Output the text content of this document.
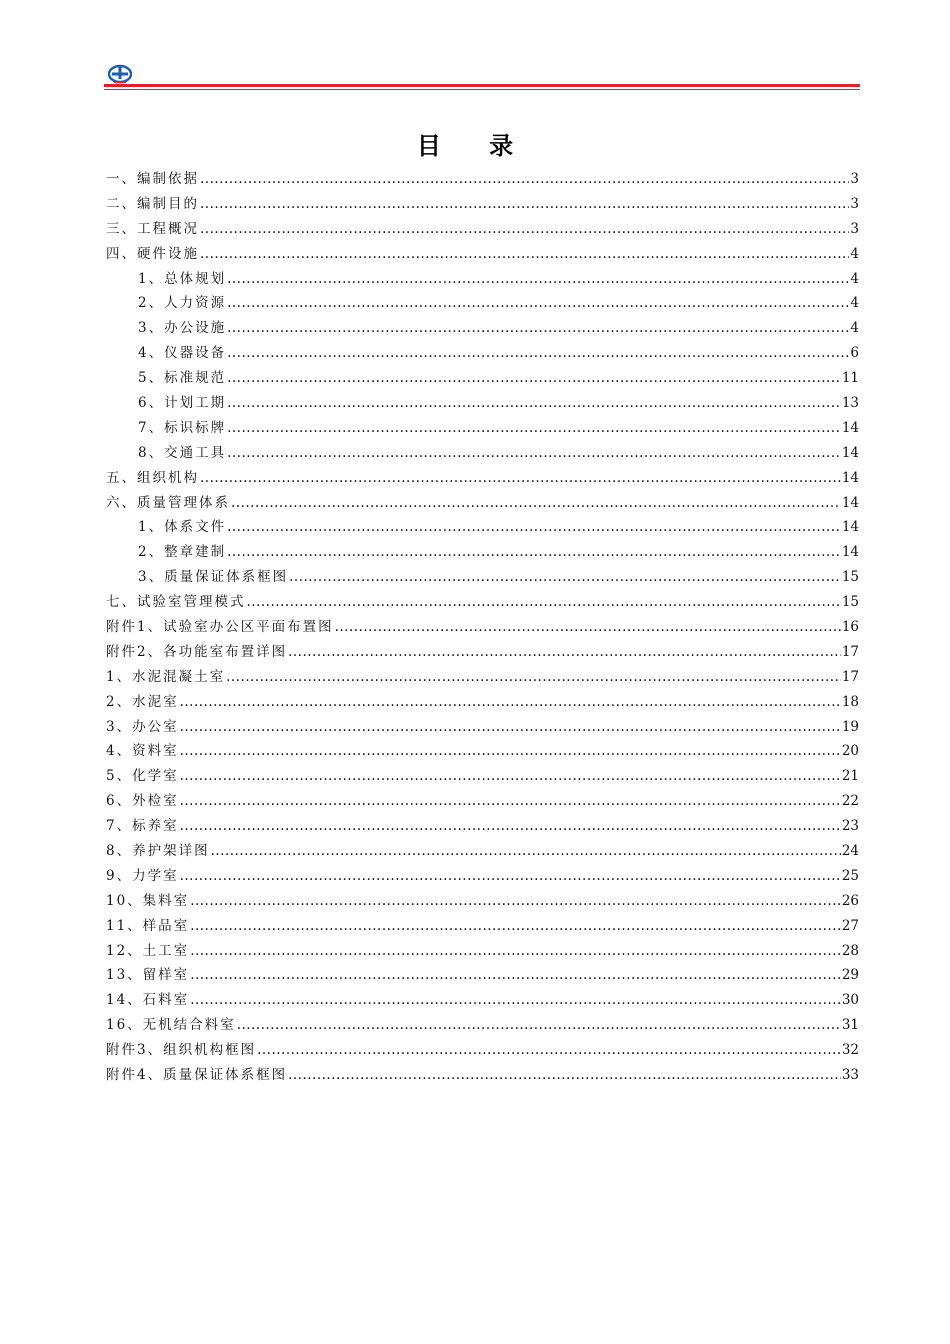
目 录
一、编制依据 .....	3
二、编制目的 .....	3
三、工程概况 .....	3
四、硬件设施 .....	4
1、总体规划 .....	4
2、人力资源 .....	4
3、办公设施 .....	4
4、仪器设备 .....	6
5、标准规范 .....	11
6、计划工期 .....	13
7、标识标牌 .....	14
8、交通工具 .....	14
五、组织机构 .....	14
六、质量管理体系 .....	14
1、体系文件 .....	14
2、整章建制 .....	14
3、质量保证体系框图 .....	15
七、试验室管理模式 .....	15
附件1、试验室办公区平面布置图 .....	16
附件2、各功能室布置详图 .....	17
1、水泥混凝土室 .....	17
2、水泥室 .....	18
3、办公室 .....	19
4、资料室 .....	20
5、化学室 .....	21
6、外检室 .....	22
7、标养室 .....	23
8、养护架详图 .....	24
9、力学室 .....	25
10、集料室 .....	26
11、样品室 .....	27
12、土工室 .....	28
13、留样室 .....	29
14、石料室 .....	30
16、无机结合料室 .....	31
附件3、组织机构框图 .....	32
附件4、质量保证体系框图 .....	33
